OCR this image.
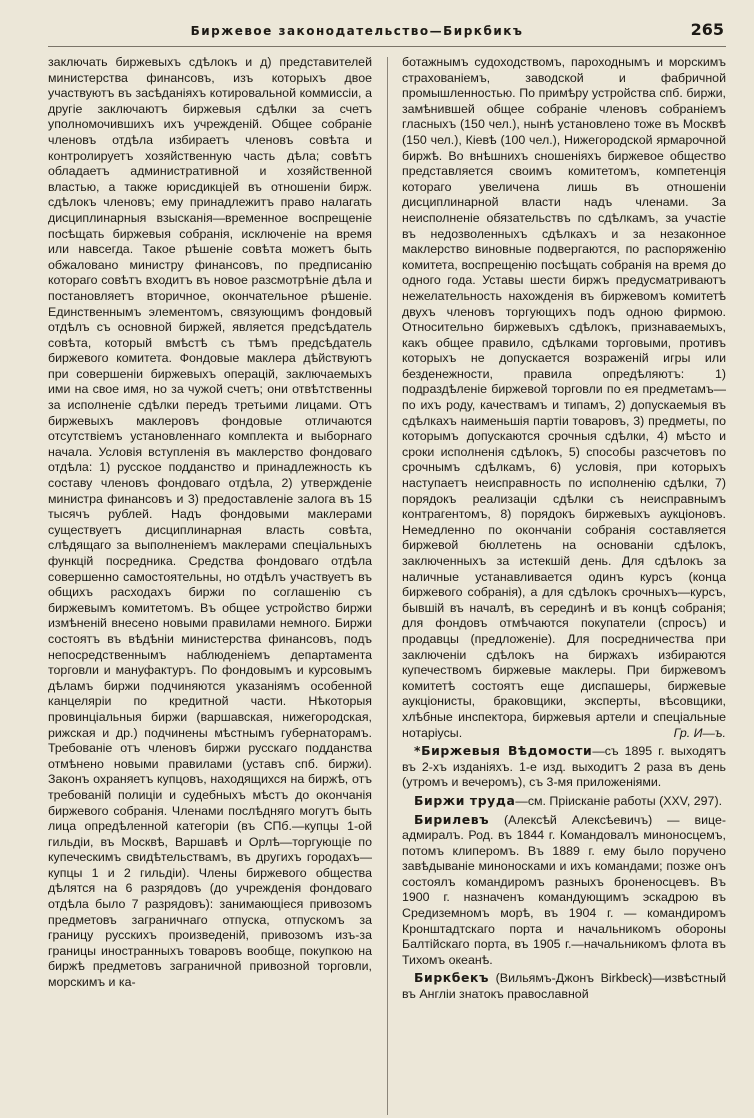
Биржевое законодательство—Биркбикъ	265

заключать биржевыхъ сдѣлокъ и д) представителей министерства финансовъ, изъ которыхъ двое участвуютъ въ засѣданіяхъ котировальной коммиссіи, а другіе заключаютъ биржевыя сдѣлки за счетъ уполномочившихъ ихъ учрежденій. Общее собраніе членовъ отдѣла избираетъ членовъ совѣта и контролируетъ хозяйственную часть дѣла; совѣтъ обладаетъ административной и хозяйственной властью, а также юрисдикціей въ отношеніи бирж. сдѣлокъ членовъ; ему принадлежитъ право налагать дисциплинарныя взысканія—временное воспрещеніе посѣщать биржевыя собранія, исключеніе на время или навсегда. Такое рѣшеніе совѣта можетъ быть обжаловано министру финансовъ, по предписанію котораго совѣтъ входитъ въ новое разсмотрѣніе дѣла и постановляетъ вторичное, окончательное рѣшеніе. Единственнымъ элементомъ, связующимъ фондовый отдѣлъ съ основной биржей, является предсѣдатель совѣта, который вмѣстѣ съ тѣмъ предсѣдатель биржевого комитета. Фондовые маклера дѣйствуютъ при совершеніи биржевыхъ операцій, заключаемыхъ ими на свое имя, но за чужой счетъ; они отвѣтственны за исполненіе сдѣлки передъ третьими лицами. Отъ биржевыхъ маклеровъ фондовые отличаются отсутствіемъ установленнаго комплекта и выборнаго начала. Условія вступленія въ маклерство фондоваго отдѣла: 1) русское подданство и принадлежность къ составу членовъ фондоваго отдѣла, 2) утвержденіе министра финансовъ и 3) предоставленіе залога въ 15 тысячъ рублей. Надъ фондовыми маклерами существуетъ дисциплинарная власть совѣта, слѣдящаго за выполненіемъ маклерами спеціальныхъ функцій посредника. Средства фондоваго отдѣла совершенно самостоятельны, но отдѣлъ участвуетъ въ общихъ расходахъ биржи по соглашенію съ биржевымъ комитетомъ. Въ общее устройство биржи измѣненій внесено новыми правилами немного. Биржи состоятъ въ вѣдѣніи министерства финансовъ, подъ непосредственнымъ наблюденіемъ департамента торговли и мануфактуръ. По фондовымъ и курсовымъ дѣламъ биржи подчиняются указаніямъ особенной канцеляріи по кредитной части. Нѣкоторыя провинціальныя биржи (варшавская, нижегородская, рижская и др.) подчинены мѣстнымъ губернаторамъ. Требованіе отъ членовъ биржи русскаго подданства отмѣнено новыми правилами (уставъ спб. биржи). Законъ охраняетъ купцовъ, находящихся на биржѣ, отъ требованій полиціи и судебныхъ мѣстъ до окончанія биржевого собранія. Членами послѣдняго могутъ быть лица опредѣленной категоріи (въ СПб.—купцы 1-ой гильдіи, въ Москвѣ, Варшавѣ и Орлѣ—торгующіе по купеческимъ свидѣтельствамъ, въ другихъ городахъ—купцы 1 и 2 гильдіи). Члены биржевого общества дѣлятся на 6 разрядовъ (до учрежденія фондоваго отдѣла было 7 разрядовъ): занимающіеся привозомъ предметовъ заграничнаго отпуска, отпускомъ за границу русскихъ произведеній, привозомъ изъ-за границы иностранныхъ товаровъ вообще, покупкою на биржѣ предметовъ заграничной привозной торговли, морскимъ и ка-

ботажнымъ судоходствомъ, пароходнымъ и морскимъ страхованіемъ, заводской и фабричной промышленностью. По примѣру устройства спб. биржи, замѣнившей общее собраніе членовъ собраніемъ гласныхъ (150 чел.), нынѣ установлено тоже въ Москвѣ (150 чел.), Кіевѣ (100 чел.), Нижегородской ярмарочной биржѣ. Во внѣшнихъ сношеніяхъ биржевое общество представляется своимъ комитетомъ, компетенція котораго увеличена лишь въ отношеніи дисциплинарной власти надъ членами. За неисполненіе обязательствъ по сдѣлкамъ, за участіе въ недозволенныхъ сдѣлкахъ и за незаконное маклерство виновные подвергаются, по распоряженію комитета, воспрещенію посѣщать собранія на время до одного года. Уставы шести биржъ предусматриваютъ нежелательность нахожденія въ биржевомъ комитетѣ двухъ членовъ торгующихъ подъ одною фирмою. Относительно биржевыхъ сдѣлокъ, признаваемыхъ, какъ общее правило, сдѣлками торговыми, противъ которыхъ не допускается возраженій игры или безденежности, правила опредѣляютъ: 1) подраздѣленіе биржевой торговли по ея предметамъ—по ихъ роду, качествамъ и типамъ, 2) допускаемыя въ сдѣлкахъ наименьшія партіи товаровъ, 3) предметы, по которымъ допускаются срочныя сдѣлки, 4) мѣсто и сроки исполненія сдѣлокъ, 5) способы разсчетовъ по срочнымъ сдѣлкамъ, 6) условія, при которыхъ наступаетъ неисправность по исполненію сдѣлки, 7) порядокъ реализаціи сдѣлки съ неисправнымъ контрагентомъ, 8) порядокъ биржевыхъ аукціоновъ. Немедленно по окончаніи собранія составляется биржевой бюллетень на основаніи сдѣлокъ, заключенныхъ за истекшій день. Для сдѣлокъ за наличные устанавливается одинъ курсъ (конца биржевого собранія), а для сдѣлокъ срочныхъ—курсъ, бывшій въ началѣ, въ серединѣ и въ концѣ собранія; для фондовъ отмѣчаются покупатели (спросъ) и продавцы (предложеніе). Для посредничества при заключеніи сдѣлокъ на биржахъ избираются купечествомъ биржевые маклеры. При биржевомъ комитетѣ состоятъ еще диспашеры, биржевые аукціонисты, браковщики, эксперты, вѣсовщики, хлѣбные инспектора, биржевыя артели и спеціальные нотаріусы.	Гр. И—ъ.

*Биржевыя Вѣдомости—съ 1895 г. выходятъ въ 2-хъ изданіяхъ. 1-е изд. выходитъ 2 раза въ день (утромъ и вечеромъ), съ 3-мя приложеніями.

Биржи труда—см. Пріисканіе работы (XXV, 297).

Бирилевъ (Алексѣй Алексѣевичъ) — вице-адмиралъ. Род. въ 1844 г. Командовалъ миноносцемъ, потомъ клиперомъ. Въ 1889 г. ему было поручено завѣдываніе миноносками и ихъ командами; позже онъ состоялъ командиромъ разныхъ броненосцевъ. Въ 1900 г. назначенъ командующимъ эскадрою въ Средиземномъ морѣ, въ 1904 г. — командиромъ Кронштадтскаго порта и начальникомъ обороны Балтійскаго порта, въ 1905 г.—начальникомъ флота въ Тихомъ океанѣ.

Биркбекъ (Вильямъ-Джонъ Birkbeck)—извѣстный въ Англіи знатокъ православной
